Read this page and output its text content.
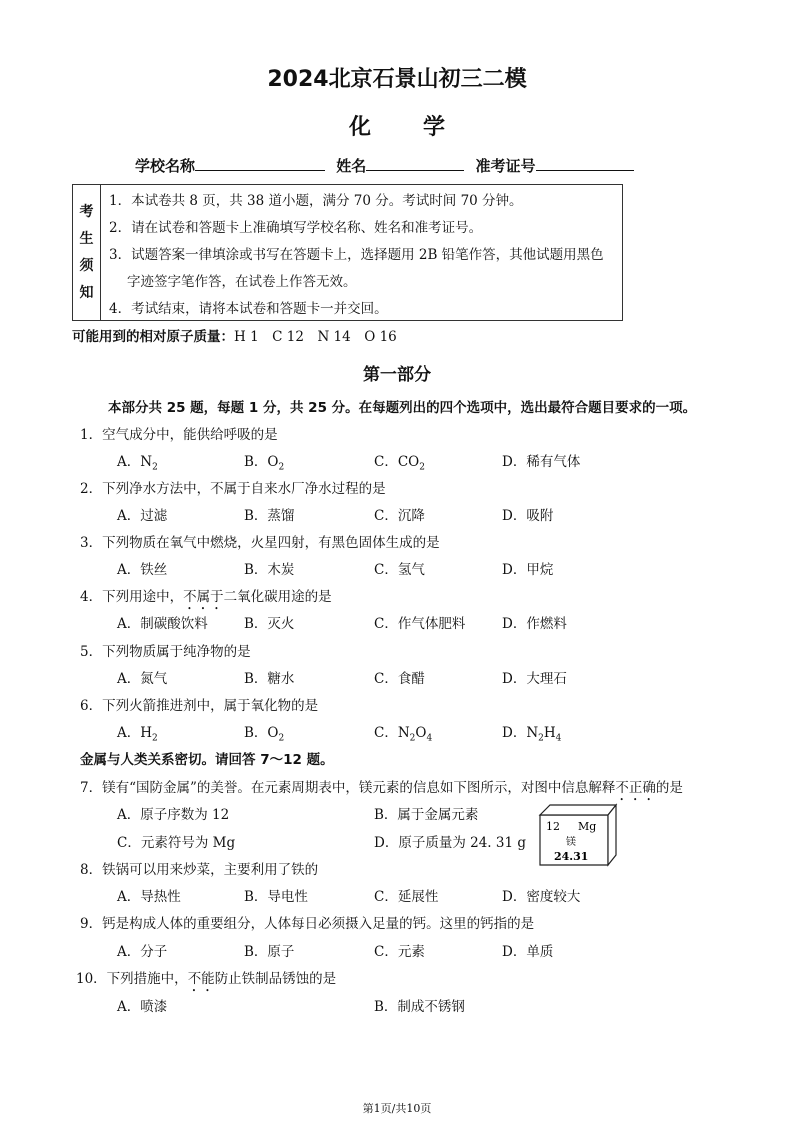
2024北京石景山初三二模
化学
学校名称	姓名	准考证号
考
生
须
知
1．本试卷共 8 页，共 38 道小题，满分 70 分。考试时间 70 分钟。
2．请在试卷和答题卡上准确填写学校名称、姓名和准考证号。
3．试题答案一律填涂或书写在答题卡上，选择题用 2B 铅笔作答，其他试题用黑色
字迹签字笔作答，在试卷上作答无效。
4．考试结束，请将本试卷和答题卡一并交回。
可能用到的相对原子质量：H 1　C 12　N 14　O 16
第一部分
本部分共 25 题，每题 1 分，共 25 分。在每题列出的四个选项中，选出最符合题目要求的一项。
1．空气成分中，能供给呼吸的是
A．$N_2$	B．$O_2$	C．$CO_2$	D．稀有气体
2．下列净水方法中，不属于自来水厂净水过程的是
A．过滤	B．蒸馏	C．沉降	D．吸附
3．下列物质在氧气中燃烧，火星四射，有黑色固体生成的是
A．铁丝	B．木炭	C．氢气	D．甲烷
4．下列用途中，不属于二氧化碳用途的是
A．制碳酸饮料	B．灭火	C．作气体肥料	D．作燃料
5．下列物质属于纯净物的是
A．氮气	B．糖水	C．食醋	D．大理石
6．下列火箭推进剂中，属于氧化物的是
A．$H_2$	B．$O_2$	C．$N_2O_4$	D．$N_2H_4$
金属与人类关系密切。请回答 7～12 题。
7．镁有“国防金属”的美誉。在元素周期表中，镁元素的信息如下图所示，对图中信息解释不正确的是
A．原子序数为 12	B．属于金属元素
C．元素符号为 Mg	D．原子质量为 24. 31 g
12 Mg
镁
24.31
8．铁锅可以用来炒菜，主要利用了铁的
A．导热性	B．导电性	C．延展性	D．密度较大
9．钙是构成人体的重要组分，人体每日必须摄入足量的钙。这里的钙指的是
A．分子	B．原子	C．元素	D．单质
10．下列措施中，不能防止铁制品锈蚀的是
A．喷漆	B．制成不锈钢
第1页/共10页
